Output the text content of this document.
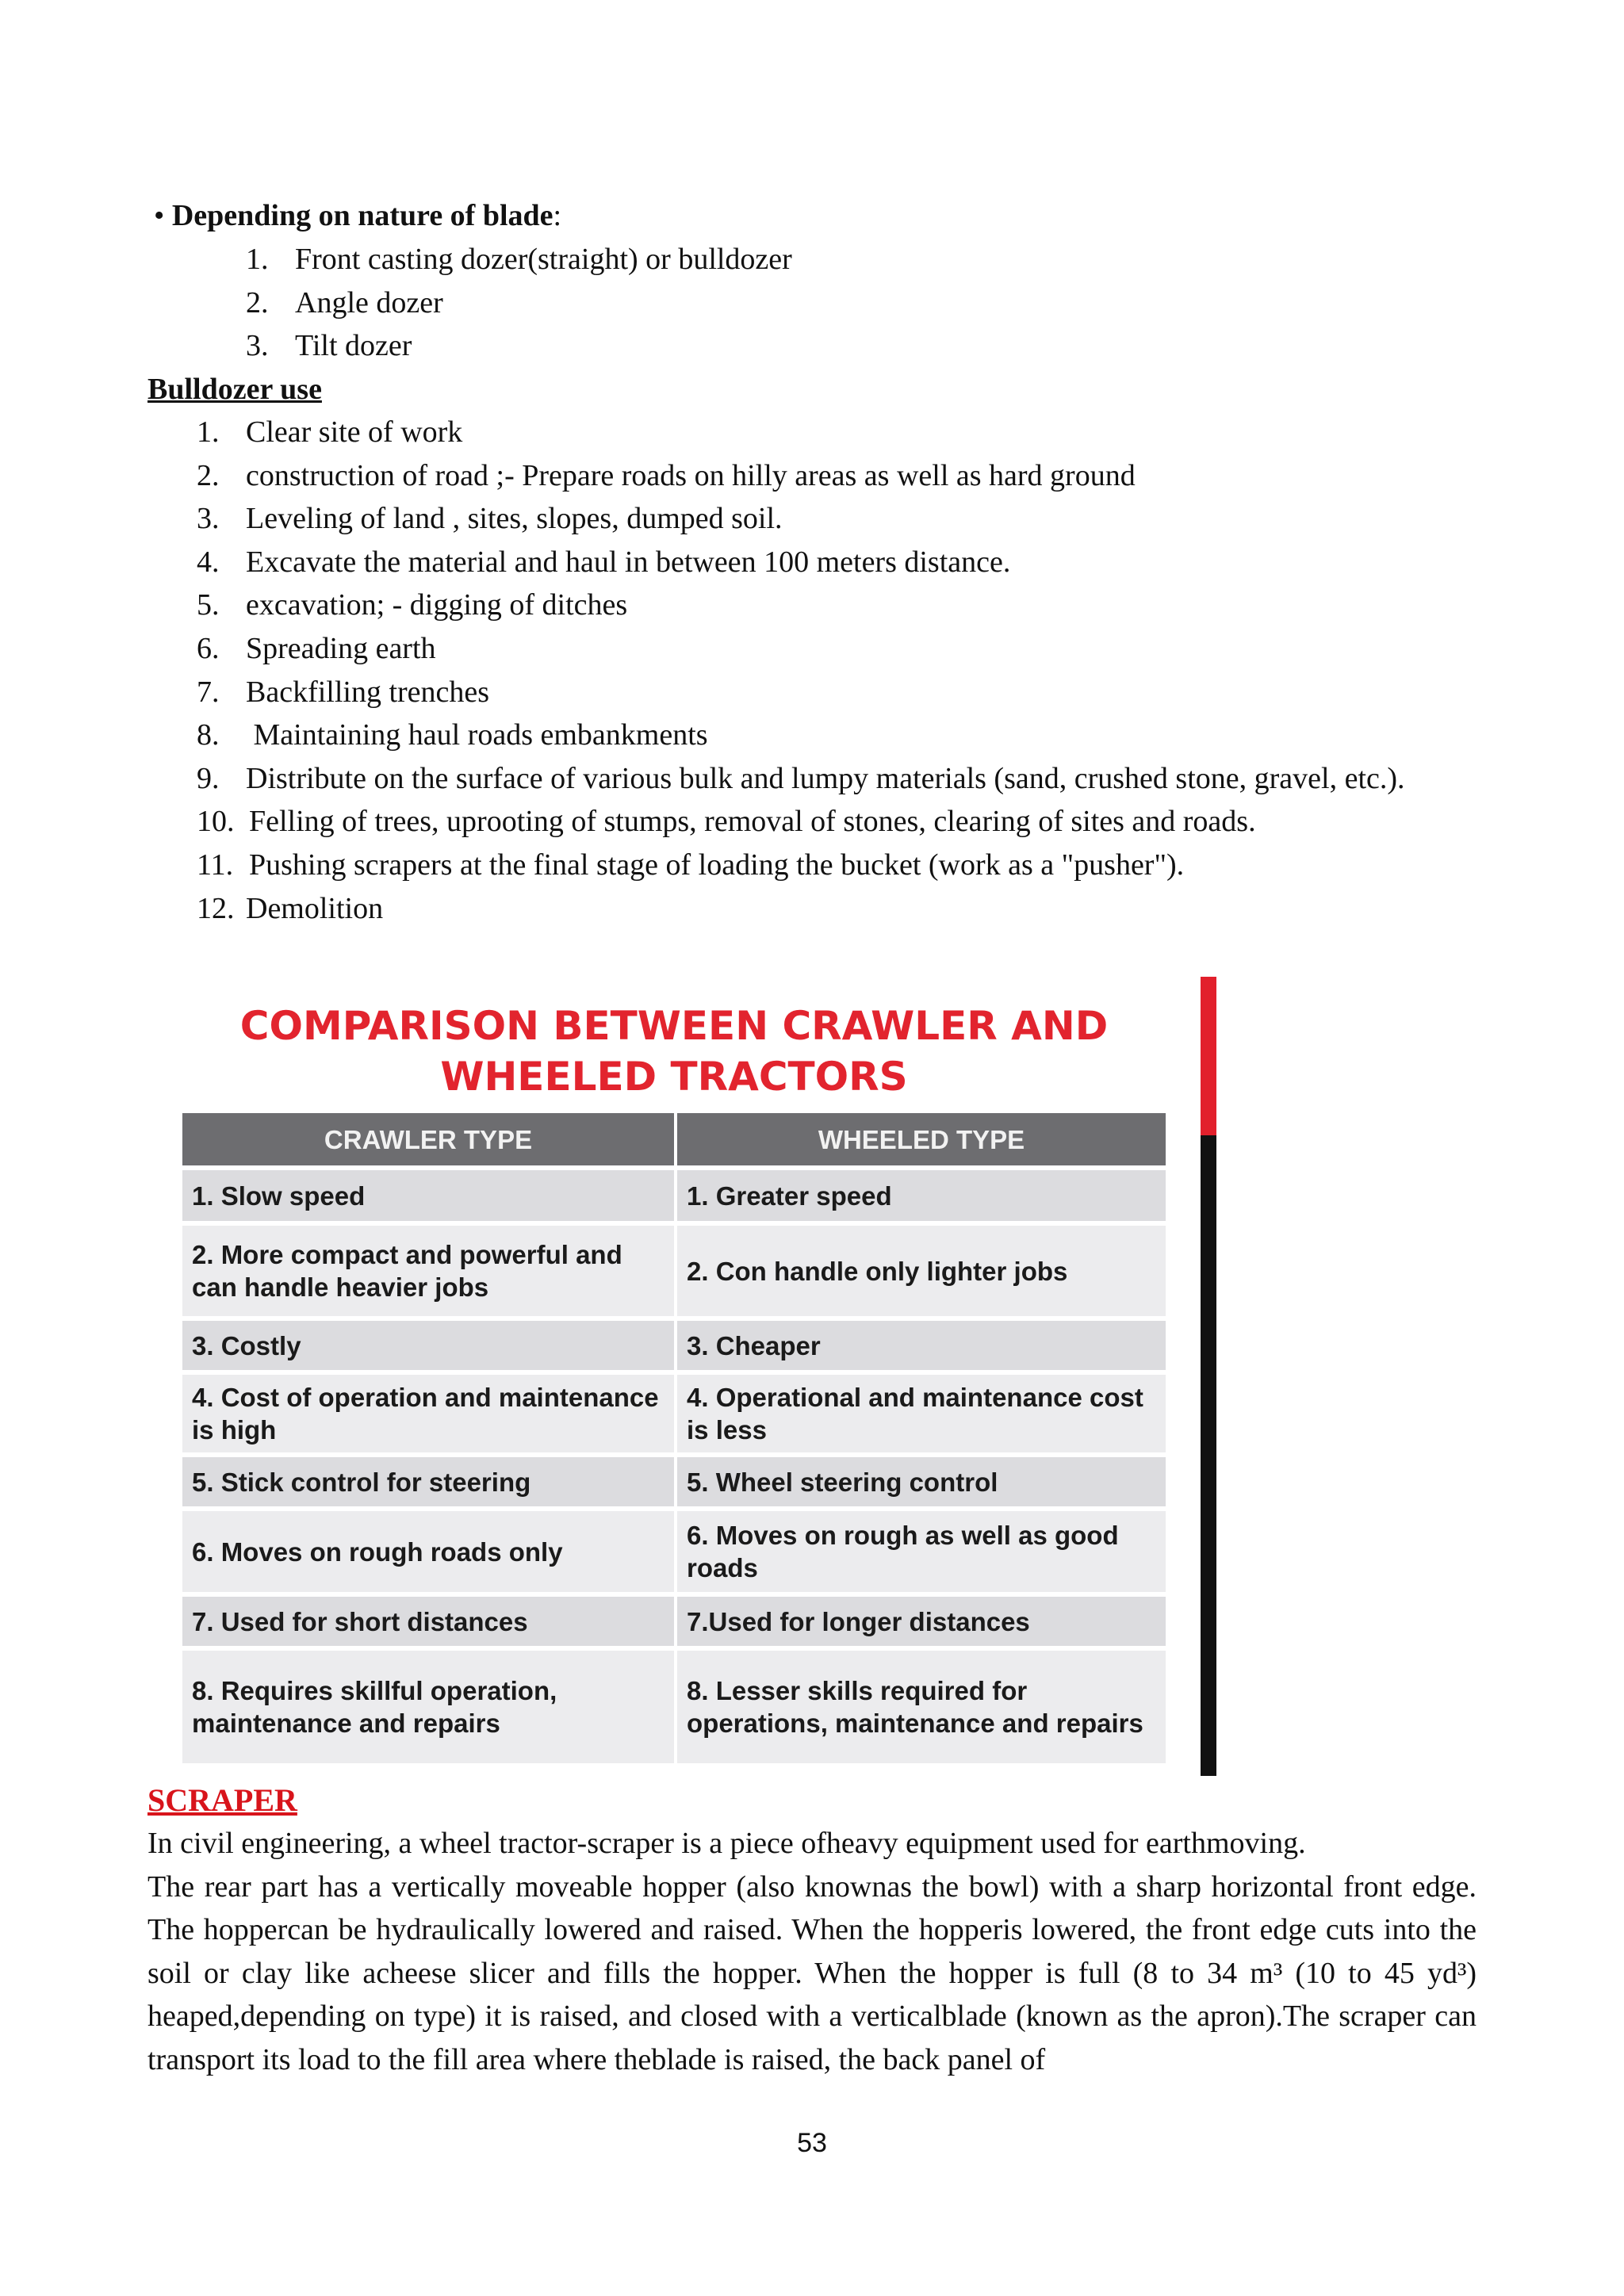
• Depending on nature of blade:
1. Front casting dozer(straight) or bulldozer
2. Angle dozer
3. Tilt dozer
Bulldozer use
1. Clear site of work
2. construction of road ;- Prepare roads on hilly areas as well as hard ground
3. Leveling of land , sites, slopes, dumped soil.
4. Excavate the material and haul in between 100 meters distance.
5. excavation; - digging of ditches
6. Spreading earth
7. Backfilling trenches
8. Maintaining haul roads embankments
9. Distribute on the surface of various bulk and lumpy materials (sand, crushed stone, gravel, etc.).
10. Felling of trees, uprooting of stumps, removal of stones, clearing of sites and roads.
11. Pushing scrapers at the final stage of loading the bucket (work as a "pusher").
12. Demolition
COMPARISON BETWEEN CRAWLER AND
WHEELED TRACTORS
CRAWLER TYPE	WHEELED TYPE
1. Slow speed	1. Greater speed
2. More compact and powerful and can handle heavier jobs	2. Con handle only lighter jobs
3. Costly	3. Cheaper
4. Cost of operation and maintenance is high	4. Operational and maintenance cost is less
5. Stick control for steering	5. Wheel steering control
6. Moves on rough roads only	6. Moves on rough as well as good roads
7. Used for short distances	7.Used for longer distances
8. Requires skillful operation, maintenance and repairs	8. Lesser skills required for operations, maintenance and repairs
SCRAPER

In civil engineering, a wheel tractor-scraper is a piece ofheavy equipment used for earthmoving.

The rear part has a vertically moveable hopper (also knownas the bowl) with a sharp horizontal front edge. The hoppercan be hydraulically lowered and raised. When the hopperis lowered, the front edge cuts into the soil or clay like acheese slicer and fills the hopper. When the hopper is full (8 to 34 m³ (10 to 45 yd³) heaped,depending on type) it is raised, and closed with a verticalblade (known as the apron).The scraper can transport its load to the fill area where theblade is raised, the back panel of

53
